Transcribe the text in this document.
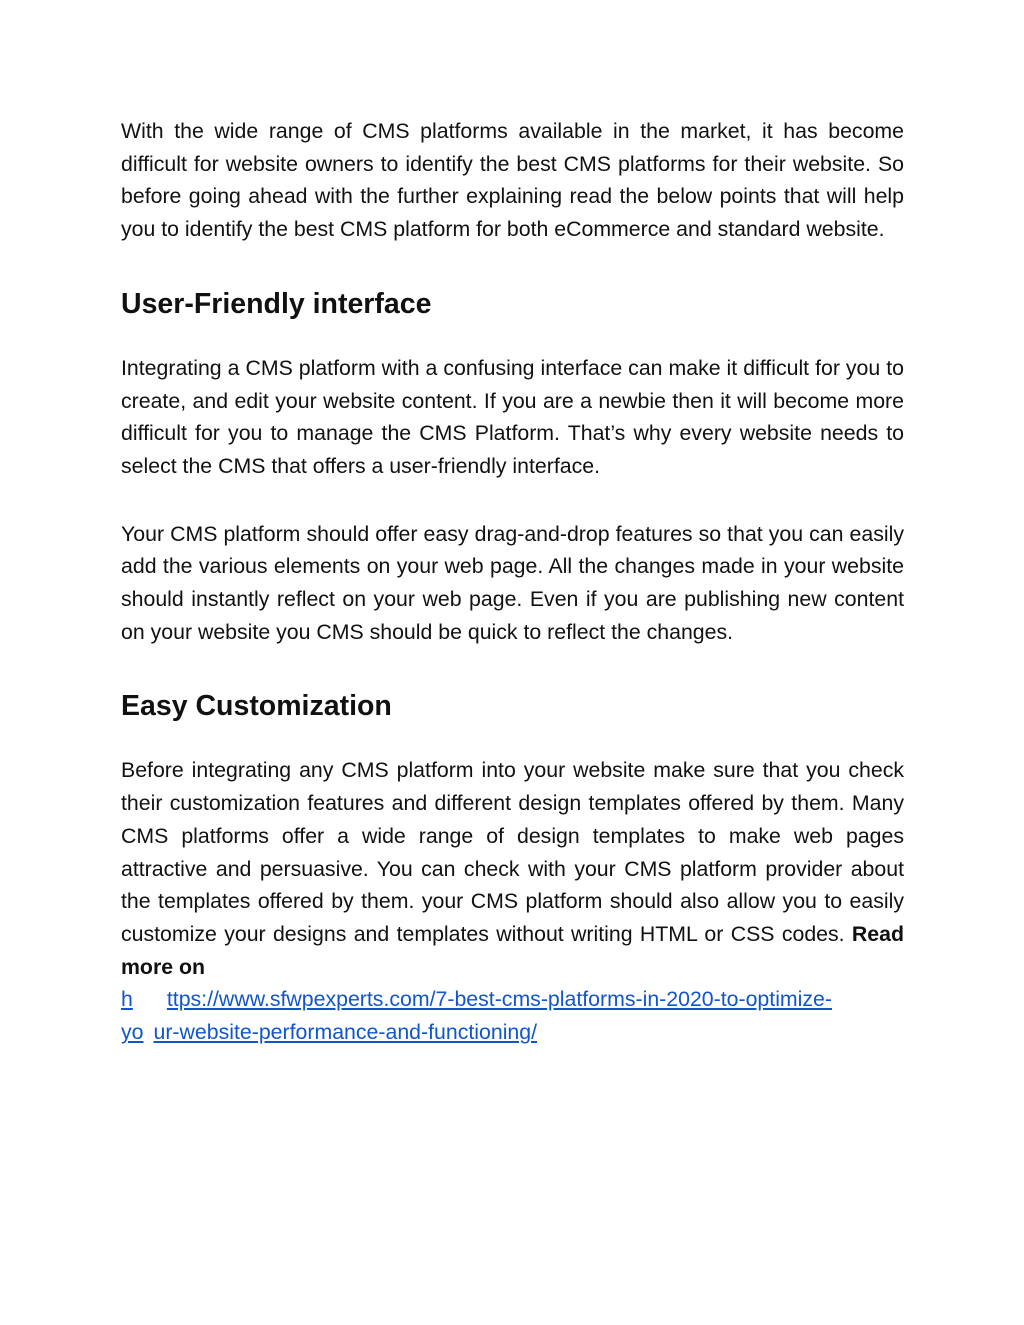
With the wide range of CMS platforms available in the market, it has become difficult for website owners to identify the best CMS platforms for their website. So before going ahead with the further explaining read the below points that will help you to identify the best CMS platform for both eCommerce and standard website.

User-Friendly interface

Integrating a CMS platform with a confusing interface can make it difficult for you to create, and edit your website content. If you are a newbie then it will become more difficult for you to manage the CMS Platform. That’s why every website needs to select the CMS that offers a user-friendly interface.

Your CMS platform should offer easy drag-and-drop features so that you can easily add the various elements on your web page. All the changes made in your website should instantly reflect on your web page. Even if you are publishing new content on your website you CMS should be quick to reflect the changes.

Easy Customization

Before integrating any CMS platform into your website make sure that you check their customization features and different design templates offered by them. Many CMS platforms offer a wide range of design templates to make web pages attractive and persuasive. You can check with your CMS platform provider about the templates offered by them. your CMS platform should also allow you to easily customize your designs and templates without writing HTML or CSS codes. Read more on

h ttps://www.sfwpexperts.com/7-best-cms-platforms-in-2020-to-optimize-
yo ur-website-performance-and-functioning/
